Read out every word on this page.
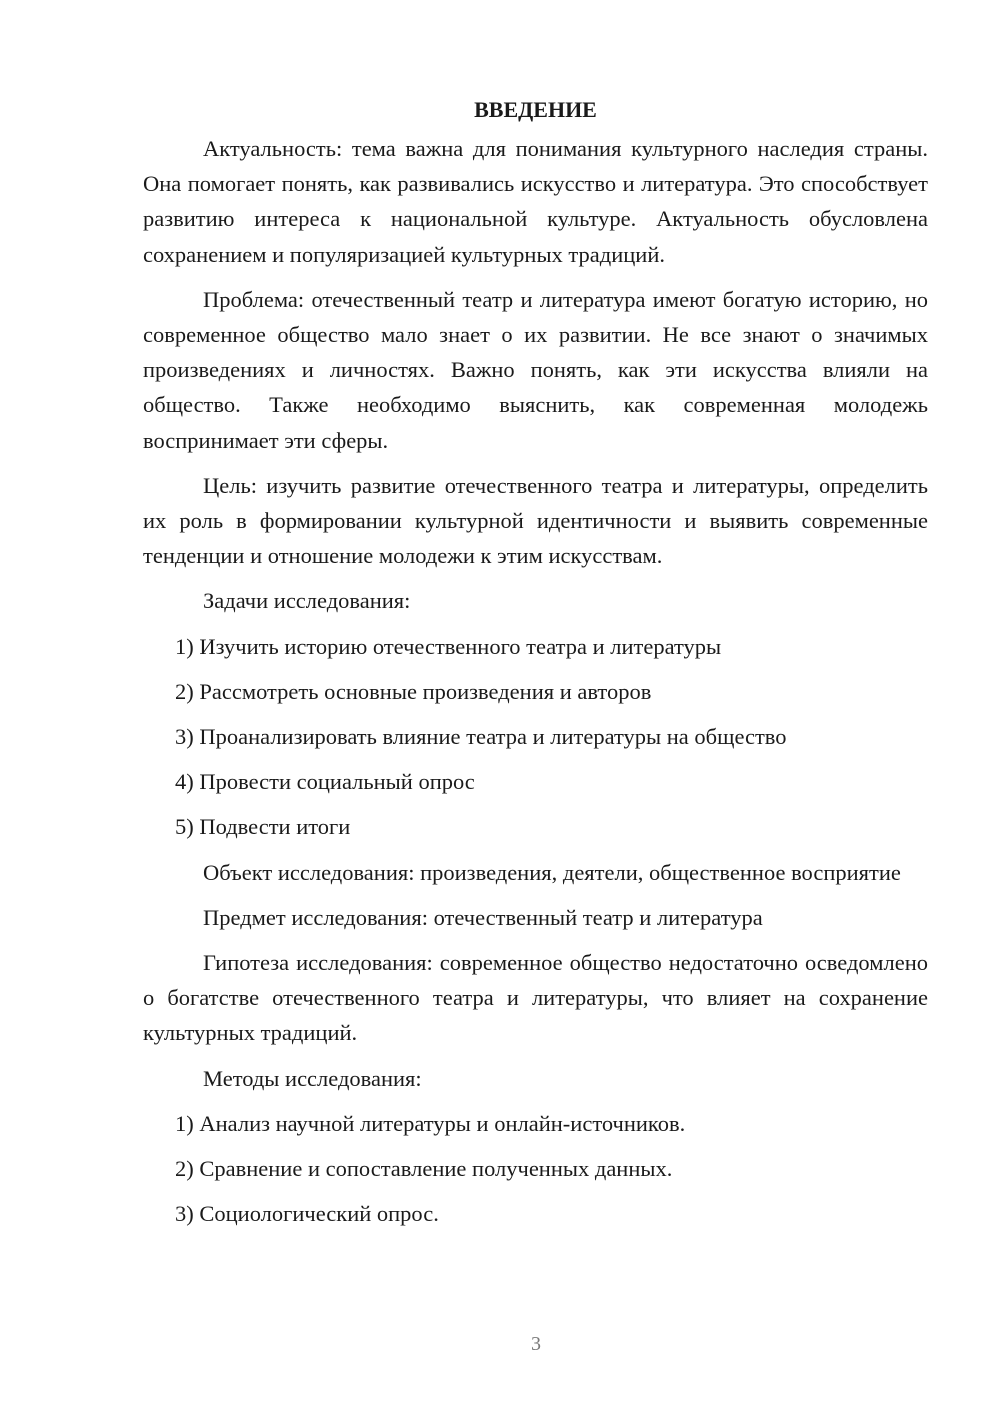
ВВЕДЕНИЕ

Актуальность: тема важна для понимания культурного наследия страны. Она помогает понять, как развивались искусство и литература. Это способствует развитию интереса к национальной культуре. Актуальность обусловлена сохранением и популяризацией культурных традиций.

Проблема: отечественный театр и литература имеют богатую историю, но современное общество мало знает о их развитии. Не все знают о значимых произведениях и личностях. Важно понять, как эти искусства влияли на общество. Также необходимо выяснить, как современная молодежь воспринимает эти сферы.

Цель: изучить развитие отечественного театра и литературы, определить их роль в формировании культурной идентичности и выявить современные тенденции и отношение молодежи к этим искусствам.

Задачи исследования:

1) Изучить историю отечественного театра и литературы
2) Рассмотреть основные произведения и авторов
3) Проанализировать влияние театра и литературы на общество
4) Провести социальный опрос
5) Подвести итоги

Объект исследования: произведения, деятели, общественное восприятие

Предмет исследования: отечественный театр и литература

Гипотеза исследования: современное общество недостаточно осведомлено о богатстве отечественного театра и литературы, что влияет на сохранение культурных традиций.

Методы исследования:

1) Анализ научной литературы и онлайн-источников.
2) Сравнение и сопоставление полученных данных.
3) Социологический опрос.
3
